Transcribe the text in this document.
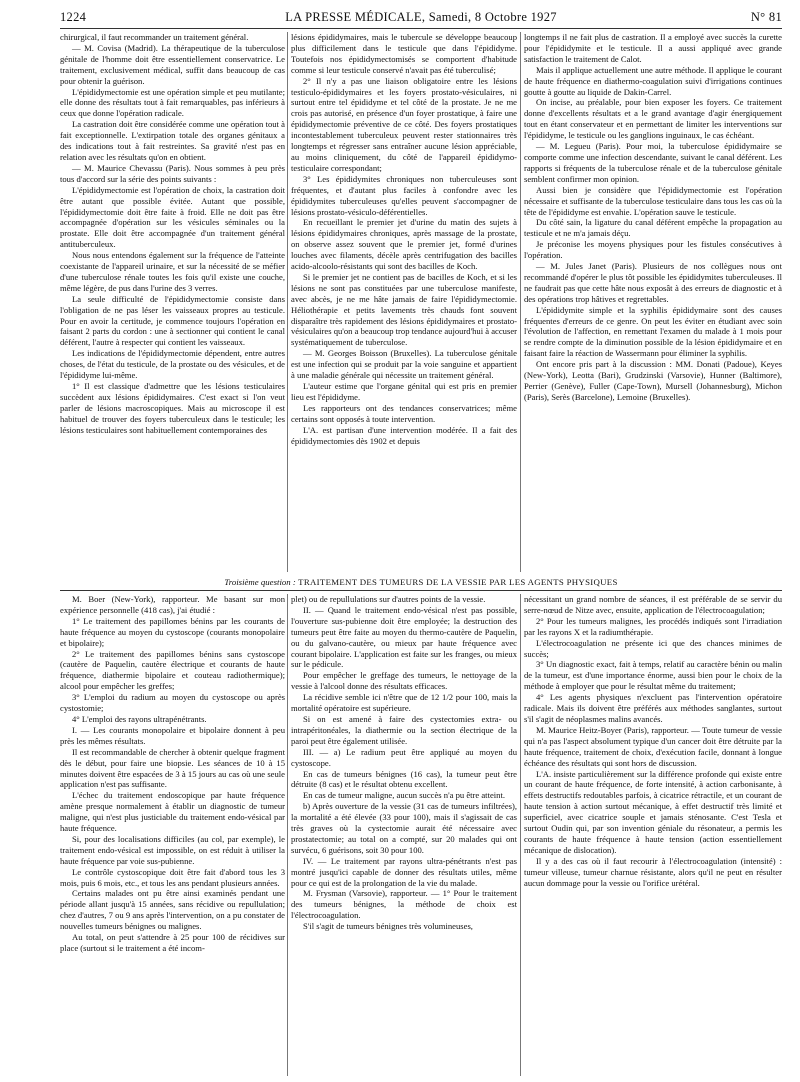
1224	LA PRESSE MÉDICALE, Samedi, 8 Octobre 1927	N° 81

chirurgical, il faut recommander un traitement général.

— M. Covisa (Madrid). La thérapeutique de la tuberculose génitale de l'homme doit être essentiellement conservatrice. Le traitement, exclusivement médical, suffit dans beaucoup de cas pour obtenir la guérison.

L'épididymectomie est une opération simple et peu mutilante; elle donne des résultats tout à fait remarquables, pas inférieurs à ceux que donne l'opération radicale.

La castration doit être considérée comme une opération tout à fait exceptionnelle. L'extirpation totale des organes génitaux a des indications tout à fait restreintes. Sa gravité n'est pas en relation avec les résultats qu'on en obtient.

— M. Maurice Chevassu (Paris). Nous sommes à peu près tous d'accord sur la série des points suivants :

L'épididymectomie est l'opération de choix, la castration doit être autant que possible évitée. Autant que possible, l'épididymectomie doit être faite à froid. Elle ne doit pas être accompagnée d'opération sur les vésicules séminales ou la prostate. Elle doit être accompagnée d'un traitement général antituberculeux.

Nous nous entendons également sur la fréquence de l'atteinte coexistante de l'appareil urinaire, et sur la nécessité de se méfier d'une tuberculose rénale toutes les fois qu'il existe une couche, même légère, de pus dans l'urine des 3 verres.

La seule difficulté de l'épididymectomie consiste dans l'obligation de ne pas léser les vaisseaux propres au testicule. Pour en avoir la certitude, je commence toujours l'opération en faisant 2 parts du cordon : une à sectionner qui contient le canal déférent, l'autre à respecter qui contient les vaisseaux.

Les indications de l'épididymectomie dépendent, entre autres choses, de l'état du testicule, de la prostate ou des vésicules, et de l'épididyme lui-même.

1° Il est classique d'admettre que les lésions testiculaires succèdent aux lésions épididymaires. C'est exact si l'on veut parler de lésions macroscopiques. Mais au microscope il est habituel de trouver des foyers tuberculeux dans le testicule; les lésions testiculaires sont habituellement contemporaines des

lésions épididymaires, mais le tubercule se développe beaucoup plus difficilement dans le testicule que dans l'épididyme. Toutefois nos épididymectomisés se comportent d'habitude comme si leur testicule conservé n'avait pas été tuberculisé;

2° Il n'y a pas une liaison obligatoire entre les lésions testiculo-épididymaires et les foyers prostato-vésiculaires, ni surtout entre tel épididyme et tel côté de la prostate. Je ne me crois pas autorisé, en présence d'un foyer prostatique, à faire une épididymectomie préventive de ce côté. Des foyers prostatiques incontestablement tuberculeux peuvent rester stationnaires très longtemps et régresser sans entraîner aucune lésion appréciable, au moins cliniquement, du côté de l'appareil épididymo-testiculaire correspondant;

3° Les épididymites chroniques non tuberculeuses sont fréquentes, et d'autant plus faciles à confondre avec les épididymites tuberculeuses qu'elles peuvent s'accompagner de lésions prostato-vésiculo-déférentielles.

En recueillant le premier jet d'urine du matin des sujets à lésions épididymaires chroniques, après massage de la prostate, on observe assez souvent que le premier jet, formé d'urines louches avec filaments, décèle après centrifugation des bacilles acido-alcoolo-résistants qui sont des bacilles de Koch.

Si le premier jet ne contient pas de bacilles de Koch, et si les lésions ne sont pas constituées par une tuberculose manifeste, avec abcès, je ne me hâte jamais de faire l'épididymectomie. Héliothérapie et petits lavements très chauds font souvent disparaître très rapidement des lésions épididymaires et prostato-vésiculaires qu'on a beaucoup trop tendance aujourd'hui à accuser systématiquement de tuberculose.

— M. Georges Boisson (Bruxelles). La tuberculose génitale est une infection qui se produit par la voie sanguine et appartient à une maladie générale qui nécessite un traitement général.

L'auteur estime que l'organe génital qui est pris en premier lieu est l'épididyme.

Les rapporteurs ont des tendances conservatrices; même certains sont opposés à toute intervention.

L'A. est partisan d'une intervention modérée. Il a fait des épididymectomies dès 1902 et depuis

longtemps il ne fait plus de castration. Il a employé avec succès la curette pour l'épididymite et le testicule. Il a aussi appliqué avec grande satisfaction le traitement de Calot.

Mais il applique actuellement une autre méthode. Il applique le courant de haute fréquence en diathermo-coagulation suivi d'irrigations continues goutte à goutte au liquide de Dakin-Carrel.

On incise, au préalable, pour bien exposer les foyers. Ce traitement donne d'excellents résultats et a le grand avantage d'agir énergiquement tout en étant conservateur et en permettant de limiter les interventions sur l'épididyme, le testicule ou les ganglions inguinaux, le cas échéant.

— M. Legueu (Paris). Pour moi, la tuberculose épididymaire se comporte comme une infection descendante, suivant le canal déférent. Les rapports si fréquents de la tuberculose rénale et de la tuberculose génitale semblent confirmer mon opinion.

Aussi bien je considère que l'épididymectomie est l'opération nécessaire et suffisante de la tuberculose testiculaire dans tous les cas où la tête de l'épididyme est envahie. L'opération sauve le testicule.

Du côté sain, la ligature du canal déférent empêche la propagation au testicule et ne m'a jamais déçu.

Je préconise les moyens physiques pour les fistules consécutives à l'opération.

— M. Jules Janet (Paris). Plusieurs de nos collègues nous ont recommandé d'opérer le plus tôt possible les épididymites tuberculeuses. Il ne faudrait pas que cette hâte nous exposât à des erreurs de diagnostic et à des opérations trop hâtives et regrettables.

L'épididymite simple et la syphilis épididymaire sont des causes fréquentes d'erreurs de ce genre. On peut les éviter en étudiant avec soin l'évolution de l'affection, en remettant l'examen du malade à 1 mois pour se rendre compte de la diminution possible de la lésion épididymaire et en faisant faire la réaction de Wassermann pour éliminer la syphilis.

Ont encore pris part à la discussion : MM. Donati (Padoue), Keyes (New-York), Leotta (Bari), Grudzinski (Varsovie), Hunner (Baltimore), Perrier (Genève), Fuller (Cape-Town), Mursell (Johannesburg), Michon (Paris), Serès (Barcelone), Lemoine (Bruxelles).

Troisième question : TRAITEMENT DES TUMEURS DE LA VESSIE PAR LES AGENTS PHYSIQUES

M. Boer (New-York), rapporteur. Me basant sur mon expérience personnelle (418 cas), j'ai étudié :

1° Le traitement des papillomes bénins par les courants de haute fréquence au moyen du cystoscope (courants monopolaire et bipolaire);

2° Le traitement des papillomes bénins sans cystoscope (cautère de Paquelin, cautère électrique et courants de haute fréquence, diathermie bipolaire et couteau radiothermique); alcool pour empêcher les greffes;

3° L'emploi du radium au moyen du cystoscope ou après cystostomie;

4° L'emploi des rayons ultrapénétrants.

I. — Les courants monopolaire et bipolaire donnent à peu près les mêmes résultats.

Il est recommandable de chercher à obtenir quelque fragment dès le début, pour faire une biopsie. Les séances de 10 à 15 minutes doivent être espacées de 3 à 15 jours au cas où une seule application n'est pas suffisante.

L'échec du traitement endoscopique par haute fréquence amène presque normalement à établir un diagnostic de tumeur maligne, qui n'est plus justiciable du traitement endo-vésical par haute fréquence.

Si, pour des localisations difficiles (au col, par exemple), le traitement endo-vésical est impossible, on est réduit à utiliser la haute fréquence par voie sus-pubienne.

Le contrôle cystoscopique doit être fait d'abord tous les 3 mois, puis 6 mois, etc., et tous les ans pendant plusieurs années.

Certains malades ont pu être ainsi examinés pendant une période allant jusqu'à 15 années, sans récidive ou repullulation; chez d'autres, 7 ou 9 ans après l'intervention, on a pu constater de nouvelles tumeurs bénignes ou malignes.

Au total, on peut s'attendre à 25 pour 100 de récidives sur place (surtout si le traitement a été incom-

plet) ou de repullulations sur d'autres points de la vessie.

II. — Quand le traitement endo-vésical n'est pas possible, l'ouverture sus-pubienne doit être employée; la destruction des tumeurs peut être faite au moyen du thermo-cautère de Paquelin, ou du galvano-cautère, ou mieux par haute fréquence avec courant bipolaire. L'application est faite sur les franges, ou mieux sur le pédicule.

Pour empêcher le greffage des tumeurs, le nettoyage de la vessie à l'alcool donne des résultats efficaces.

La récidive semble ici n'être que de 12 1/2 pour 100, mais la mortalité opératoire est supérieure.

Si on est amené à faire des cystectomies extra- ou intrapéritonéales, la diathermie ou la section électrique de la paroi peut être également utilisée.

III. — a) Le radium peut être appliqué au moyen du cystoscope.

En cas de tumeurs bénignes (16 cas), la tumeur peut être détruite (8 cas) et le résultat obtenu excellent.

En cas de tumeur maligne, aucun succès n'a pu être atteint.

b) Après ouverture de la vessie (31 cas de tumeurs infiltrées), la mortalité a été élevée (33 pour 100), mais il s'agissait de cas très graves où la cystectomie aurait été nécessaire avec prostatectomie; au total on a compté, sur 20 malades qui ont survécu, 6 guérisons, soit 30 pour 100.

IV. — Le traitement par rayons ultra-pénétrants n'est pas montré jusqu'ici capable de donner des résultats utiles, même pour ce qui est de la prolongation de la vie du malade.

M. Frysman (Varsovie), rapporteur. — 1° Pour le traitement des tumeurs bénignes, la méthode de choix est l'électrocoagulation.

S'il s'agit de tumeurs bénignes très volumineuses,

nécessitant un grand nombre de séances, il est préférable de se servir du serre-nœud de Nitze avec, ensuite, application de l'électrocoagulation;

2° Pour les tumeurs malignes, les procédés indiqués sont l'irradiation par les rayons X et la radiumthérapie.

L'électrocoagulation ne présente ici que des chances minimes de succès;

3° Un diagnostic exact, fait à temps, relatif au caractère bénin ou malin de la tumeur, est d'une importance énorme, aussi bien pour le choix de la méthode à employer que pour le résultat même du traitement;

4° Les agents physiques n'excluent pas l'intervention opératoire radicale. Mais ils doivent être préférés aux méthodes sanglantes, surtout s'il s'agit de néoplasmes malins avancés.

M. Maurice Heitz-Boyer (Paris), rapporteur. — Toute tumeur de vessie qui n'a pas l'aspect absolument typique d'un cancer doit être détruite par la haute fréquence, traitement de choix, d'exécution facile, donnant à longue échéance des résultats qui sont hors de discussion.

L'A. insiste particulièrement sur la différence profonde qui existe entre un courant de haute fréquence, de forte intensité, à action carbonisante, à effets destructifs redoutables parfois, à cicatrice rétractile, et un courant de haute tension à action surtout mécanique, à effet destructif très limité et superficiel, avec cicatrice souple et jamais sténosante. C'est Tesla et surtout Oudin qui, par son invention géniale du résonateur, a permis les courants de haute fréquence à haute tension (action essentiellement mécanique de dislocation).

Il y a des cas où il faut recourir à l'électrocoagulation (intensité) : tumeur villeuse, tumeur charnue résistante, alors qu'il ne peut en résulter aucun dommage pour la vessie ou l'orifice urétéral.
